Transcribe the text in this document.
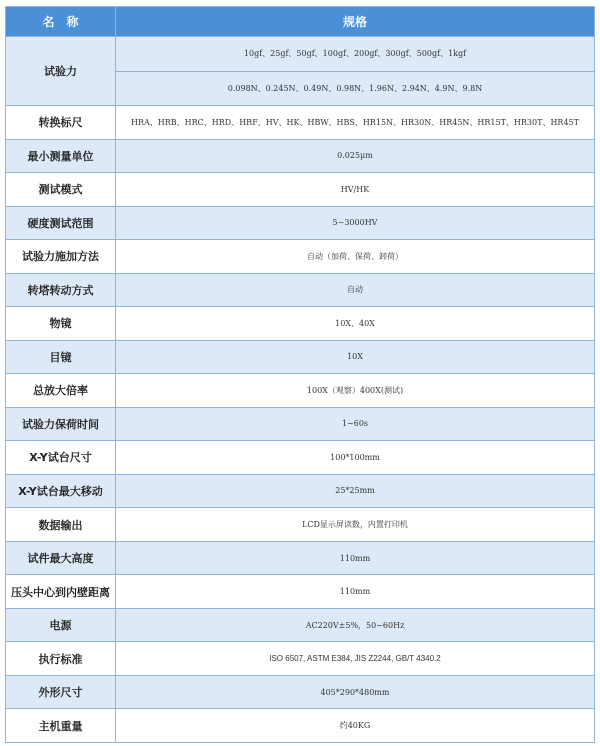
名　称	规格
试验力	10gf、25gf、50gf、100gf、200gf、300gf、500gf、1kgf
	0.098N、0.245N、0.49N、0.98N、1.96N、2.94N、4.9N、9.8N
转换标尺	HRA、HRB、HRC、HRD、HRF、HV、HK、HBW、HBS、HR15N、HR30N、HR45N、HR15T、HR30T、HR45T
最小测量单位	0.025μm
测试模式	HV/HK
硬度测试范围	5~3000HV
试验力施加方法	自动（加荷、保荷、卸荷）
转塔转动方式	自动
物镜	10X、40X
目镜	10X
总放大倍率	100X（观察）400X(测试)
试验力保荷时间	1~60s
X-Y试台尺寸	100*100mm
X-Y试台最大移动	25*25mm
数据输出	LCD显示屏读数，内置打印机
试件最大高度	110mm
压头中心到内壁距离	110mm
电源	AC220V±5%，50~60Hz
执行标准	ISO 6507, ASTM E384, JIS Z2244, GB/T 4340.2
外形尺寸	405*290*480mm
主机重量	约40KG
